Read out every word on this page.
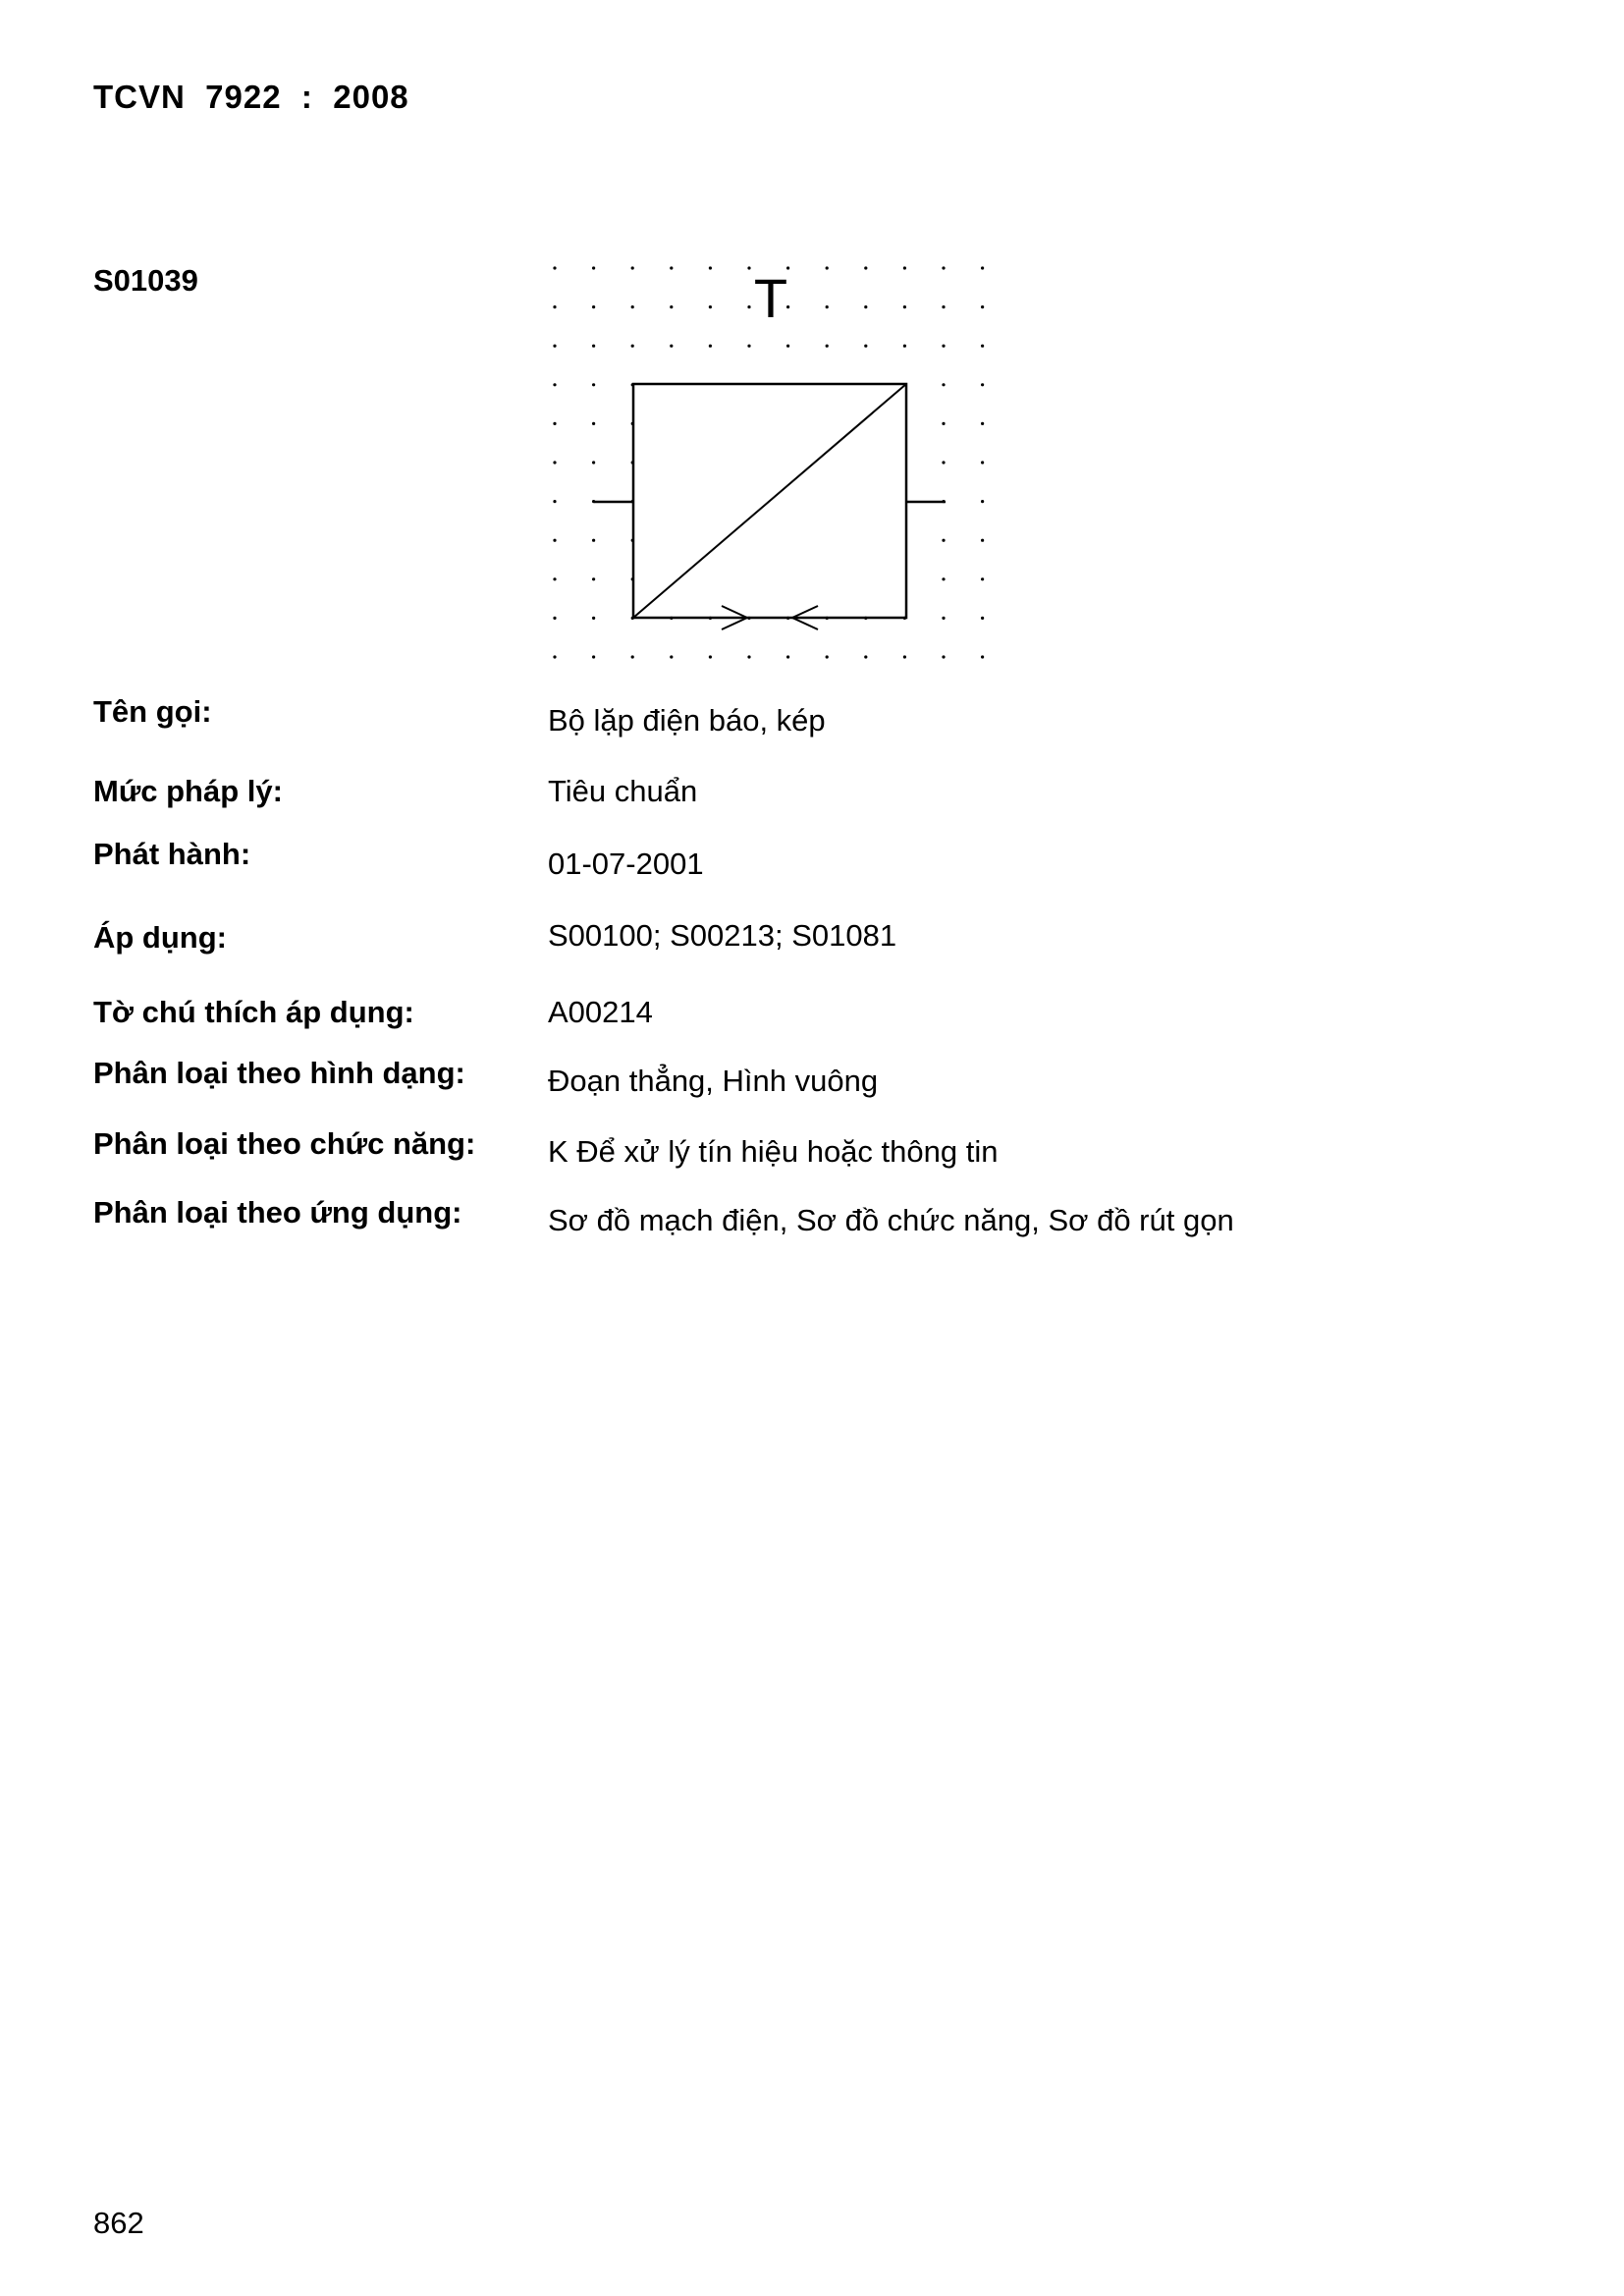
TCVN  7922  :  2008
S01039	T
Tên gọi:	Bộ lặp điện báo, kép
Mức pháp lý:	Tiêu chuẩn
Phát hành:	01-07-2001
Áp dụng:	S00100; S00213; S01081
Tờ chú thích áp dụng:	A00214
Phân loại theo hình dạng:	Đoạn thẳng, Hình vuông
Phân loại theo chức năng: K Để xử lý tín hiệu hoặc thông tin
Phân loại theo ứng dụng:	Sơ đồ mạch điện, Sơ đồ chức năng, Sơ đồ rút gọn
862
